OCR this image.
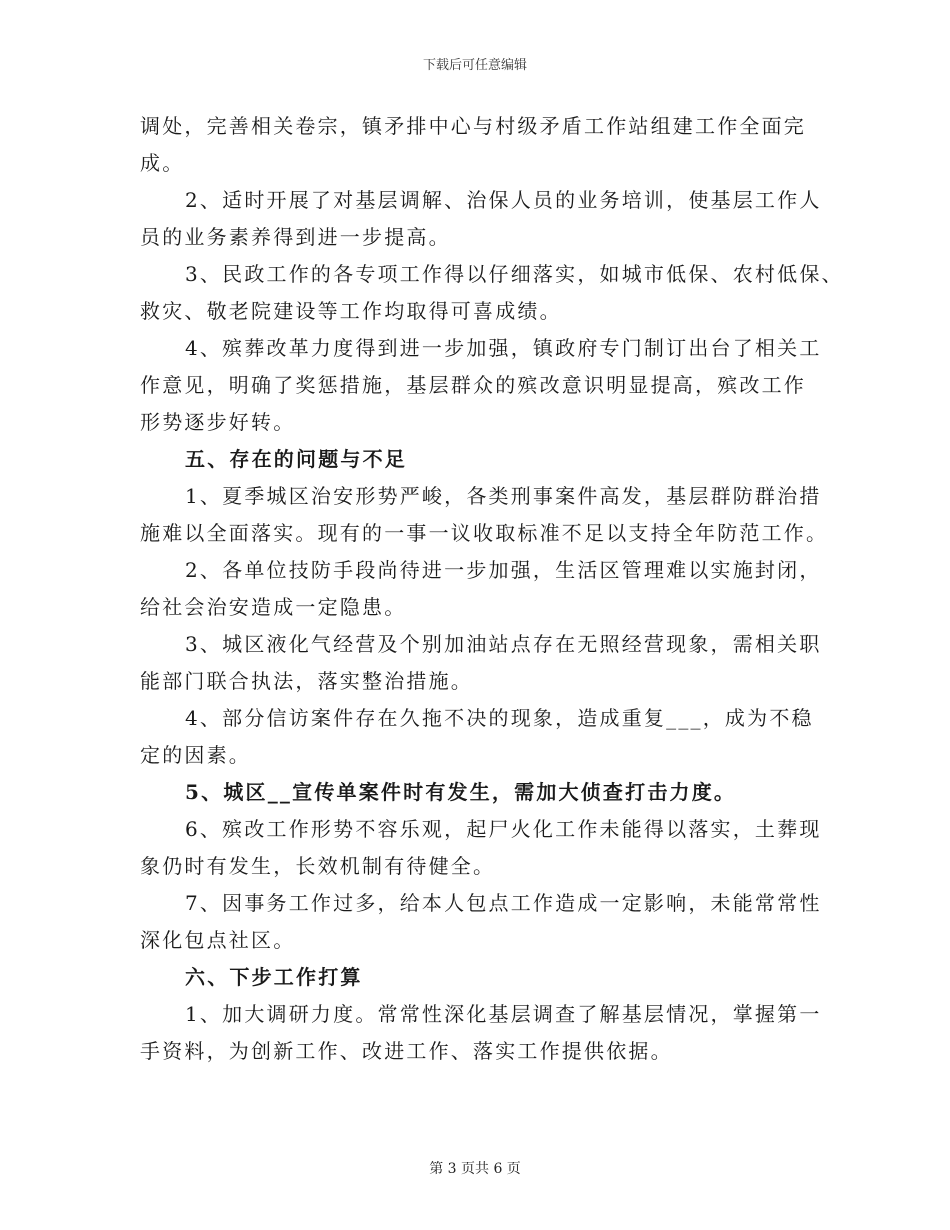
下载后可任意编辑
调处，完善相关卷宗，镇矛排中心与村级矛盾工作站组建工作全面完
成。
2、适时开展了对基层调解、治保人员的业务培训，使基层工作人
员的业务素养得到进一步提高。
3、民政工作的各专项工作得以仔细落实，如城市低保、农村低保、
救灾、敬老院建设等工作均取得可喜成绩。
4、殡葬改革力度得到进一步加强，镇政府专门制订出台了相关工
作意见，明确了奖惩措施，基层群众的殡改意识明显提高，殡改工作
形势逐步好转。
五、存在的问题与不足
1、夏季城区治安形势严峻，各类刑事案件高发，基层群防群治措
施难以全面落实。现有的一事一议收取标准不足以支持全年防范工作。
2、各单位技防手段尚待进一步加强，生活区管理难以实施封闭，
给社会治安造成一定隐患。
3、城区液化气经营及个别加油站点存在无照经营现象，需相关职
能部门联合执法，落实整治措施。
4、部分信访案件存在久拖不决的现象，造成重复___，成为不稳
定的因素。
5、城区__宣传单案件时有发生，需加大侦查打击力度。
6、殡改工作形势不容乐观，起尸火化工作未能得以落实，土葬现
象仍时有发生，长效机制有待健全。
7、因事务工作过多，给本人包点工作造成一定影响，未能常常性
深化包点社区。
六、下步工作打算
1、加大调研力度。常常性深化基层调查了解基层情况，掌握第一
手资料，为创新工作、改进工作、落实工作提供依据。
第 3 页共 6 页
